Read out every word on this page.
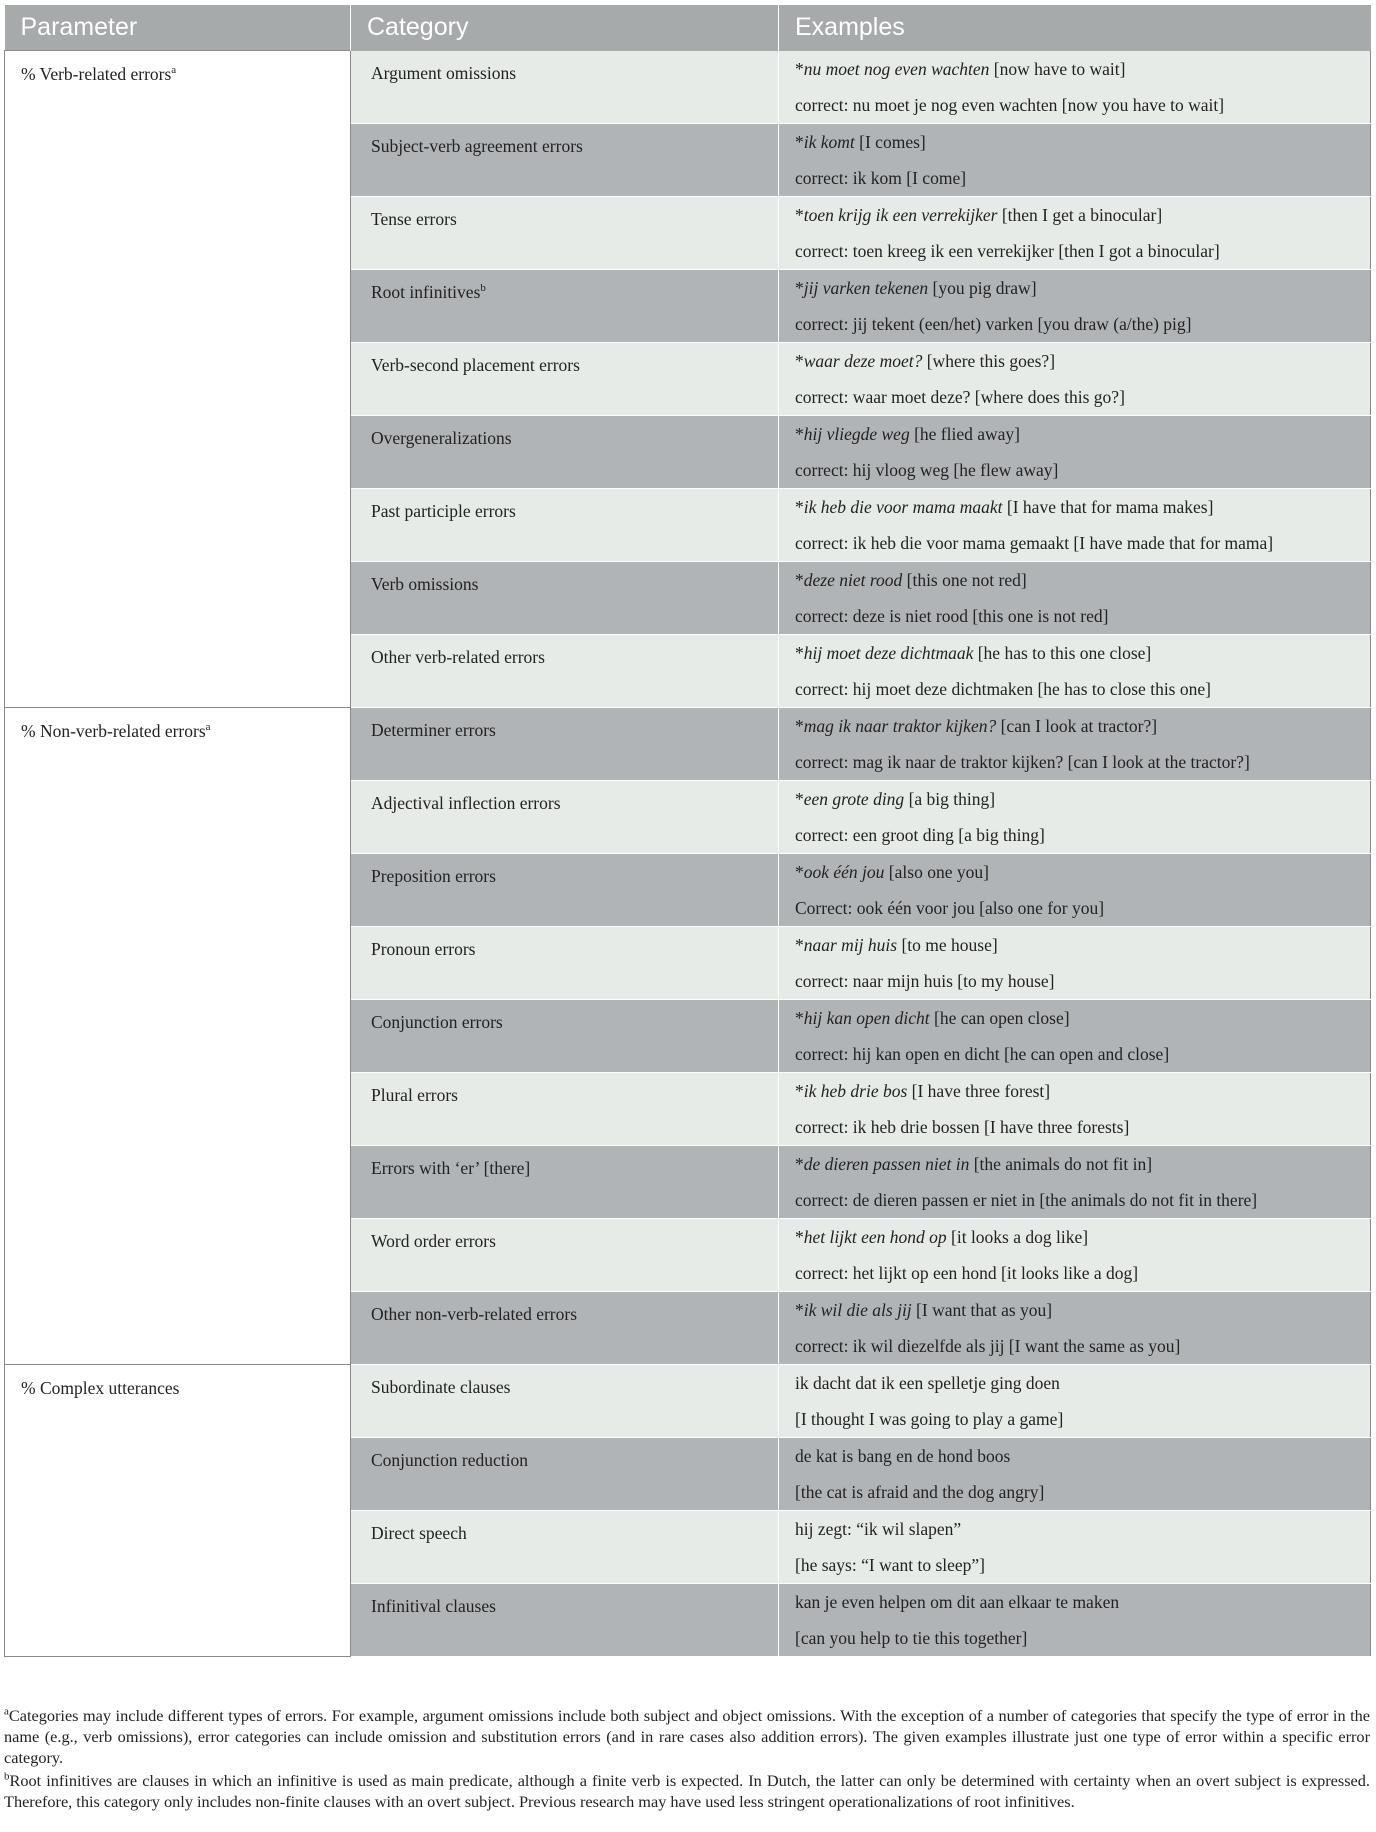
Parameter	Category	Examples
% Verb-related errors$^a$	Argument omissions	*nu moet nog even wachten [now have to wait]
correct: nu moet je nog even wachten [now you have to wait]

	Subject-verb agreement errors	*ik komt [I comes]
correct: ik kom [I come]

	Tense errors	*toen krijg ik een verrekijker [then I get a binocular]
correct: toen kreeg ik een verrekijker [then I got a binocular]

	Root infinitives$^b$	*jij varken tekenen [you pig draw]
correct: jij tekent (een/het) varken [you draw (a/the) pig]

	Verb-second placement errors	*waar deze moet? [where this goes?]
correct: waar moet deze? [where does this go?]

	Overgeneralizations	*hij vliegde weg [he flied away]
correct: hij vloog weg [he flew away]

	Past participle errors	*ik heb die voor mama maakt [I have that for mama makes]
correct: ik heb die voor mama gemaakt [I have made that for mama]

	Verb omissions	*deze niet rood [this one not red]
correct: deze is niet rood [this one is not red]

	Other verb-related errors	*hij moet deze dichtmaak [he has to this one close]
correct: hij moet deze dichtmaken [he has to close this one]

% Non-verb-related errors$^a$	Determiner errors	*mag ik naar traktor kijken? [can I look at tractor?]
correct: mag ik naar de traktor kijken? [can I look at the tractor?]

	Adjectival inflection errors	*een grote ding [a big thing]
correct: een groot ding [a big thing]

	Preposition errors	*ook één jou [also one you]
Correct: ook één voor jou [also one for you]

	Pronoun errors	*naar mij huis [to me house]
correct: naar mijn huis [to my house]

	Conjunction errors	*hij kan open dicht [he can open close]
correct: hij kan open en dicht [he can open and close]

	Plural errors	*ik heb drie bos [I have three forest]
correct: ik heb drie bossen [I have three forests]

	Errors with ‘er’ [there]	*de dieren passen niet in [the animals do not fit in]
correct: de dieren passen er niet in [the animals do not fit in there]

	Word order errors	*het lijkt een hond op [it looks a dog like]
correct: het lijkt op een hond [it looks like a dog]

	Other non-verb-related errors	*ik wil die als jij [I want that as you]
correct: ik wil diezelfde als jij [I want the same as you]

% Complex utterances	Subordinate clauses	ik dacht dat ik een spelletje ging doen
[I thought I was going to play a game]

	Conjunction reduction	de kat is bang en de hond boos
[the cat is afraid and the dog angry]

	Direct speech	hij zegt: “ik wil slapen”
[he says: “I want to sleep”]

	Infinitival clauses	kan je even helpen om dit aan elkaar te maken
[can you help to tie this together]

$^a$Categories may include different types of errors. For example, argument omissions include both subject and object omissions. With the exception of a number of categories that specify the type of error in the name (e.g., verb omissions), error categories can include omission and substitution errors (and in rare cases also addition errors). The given examples illustrate just one type of error within a specific error category.

$^b$Root infinitives are clauses in which an infinitive is used as main predicate, although a finite verb is expected. In Dutch, the latter can only be determined with certainty when an overt subject is expressed. Therefore, this category only includes non-finite clauses with an overt subject. Previous research may have used less stringent operationalizations of root infinitives.
